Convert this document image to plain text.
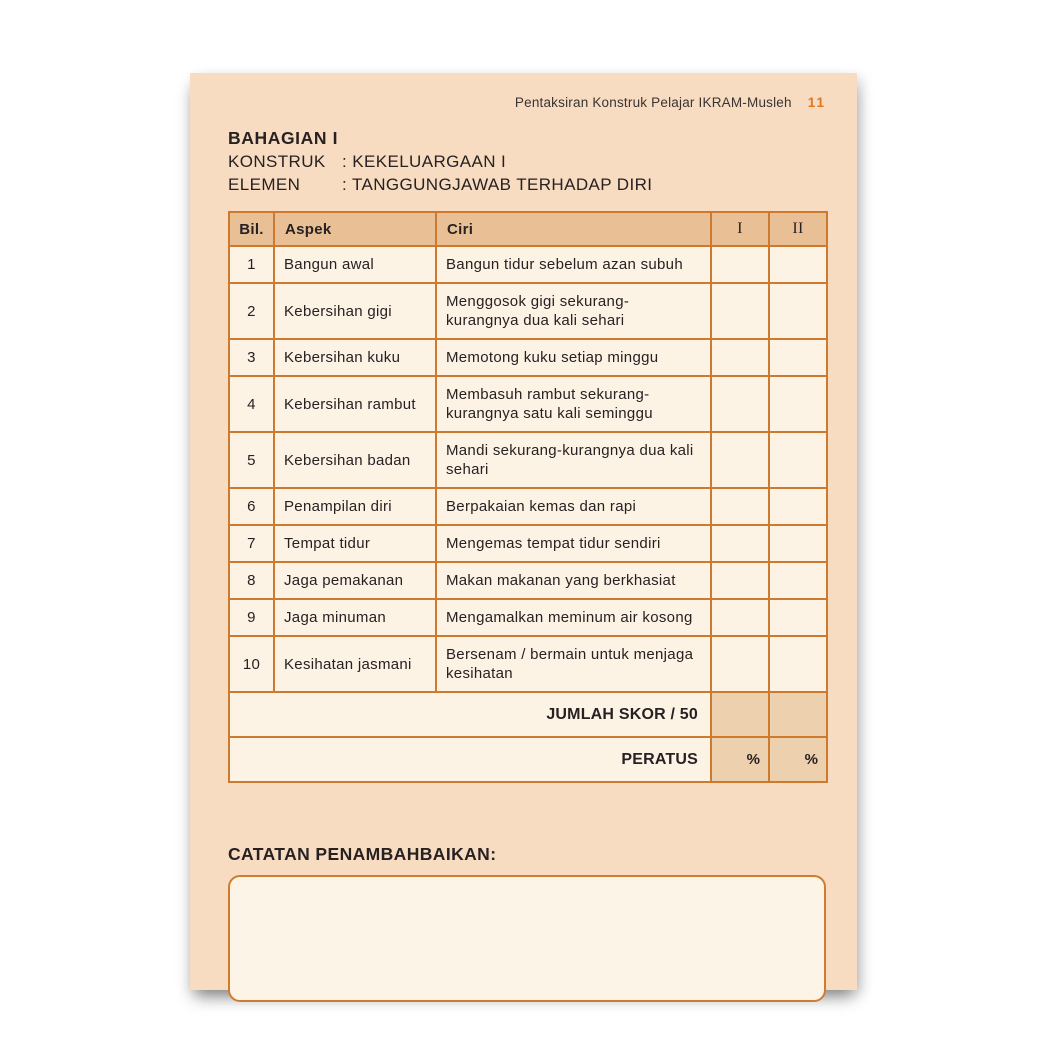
Pentaksiran Konstruk Pelajar IKRAM-Musleh 11
BAHAGIAN I
KONSTRUK : KEKELUARGAAN I
ELEMEN	: TANGGUNGJAWAB TERHADAP DIRI
Bil.	Aspek	Ciri	I	II
1	Bangun awal	Bangun tidur sebelum azan subuh		
2	Kebersihan gigi	Menggosok gigi sekurang-kurangnya dua kali sehari		
3	Kebersihan kuku	Memotong kuku setiap minggu		
4	Kebersihan rambut	Membasuh rambut sekurang-kurangnya satu kali seminggu		
5	Kebersihan badan	Mandi sekurang-kurangnya dua kali sehari		
6	Penampilan diri	Berpakaian kemas dan rapi		
7	Tempat tidur	Mengemas tempat tidur sendiri		
8	Jaga pemakanan	Makan makanan yang berkhasiat		
9	Jaga minuman	Mengamalkan meminum air kosong		
10	Kesihatan jasmani	Bersenam / bermain untuk menjaga kesihatan		
JUMLAH SKOR / 50				
PERATUS			%	%
CATATAN PENAMBAHBAIKAN:
